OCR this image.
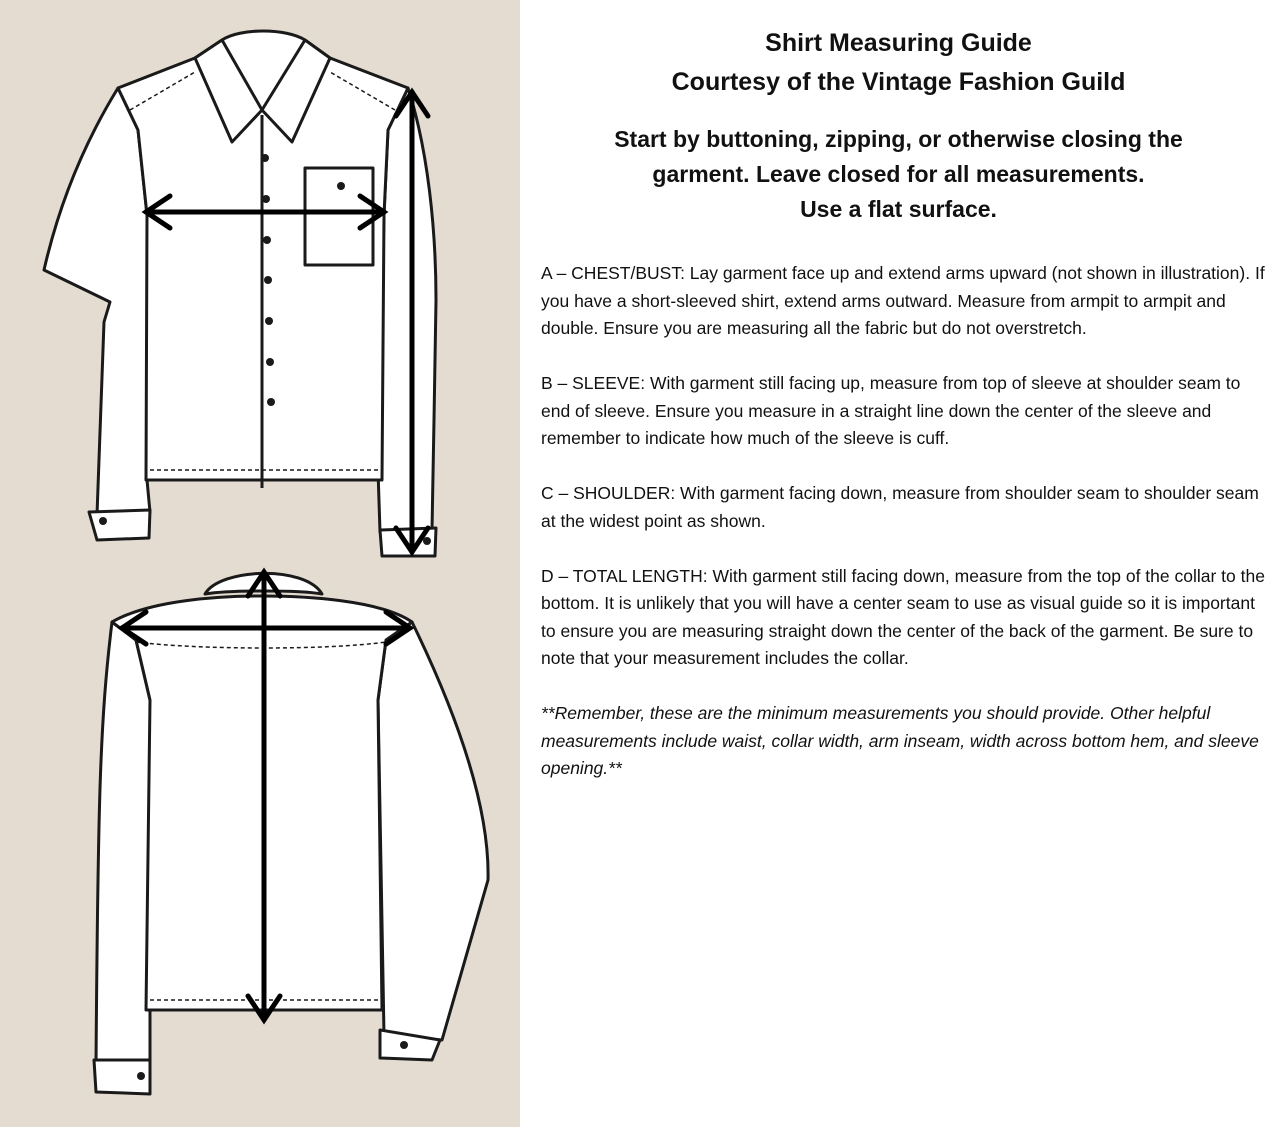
Shirt Measuring Guide
Courtesy of the Vintage Fashion Guild
Start by buttoning, zipping, or otherwise closing the
garment. Leave closed for all measurements.
Use a flat surface.

A – CHEST/BUST: Lay garment face up and extend arms upward (not shown in illustration). If you have a short-sleeved shirt, extend arms outward. Measure from armpit to armpit and double. Ensure you are measuring all the fabric but do not overstretch.

B – SLEEVE: With garment still facing up, measure from top of sleeve at shoulder seam to end of sleeve. Ensure you measure in a straight line down the center of the sleeve and remember to indicate how much of the sleeve is cuff.

C – SHOULDER: With garment facing down, measure from shoulder seam to shoulder seam at the widest point as shown.

D – TOTAL LENGTH: With garment still facing down, measure from the top of the collar to the bottom. It is unlikely that you will have a center seam to use as visual guide so it is important to ensure you are measuring straight down the center of the back of the garment. Be sure to note that your measurement includes the collar.

**Remember, these are the minimum measurements you should provide. Other helpful measurements include waist, collar width, arm inseam, width across bottom hem, and sleeve opening.**
